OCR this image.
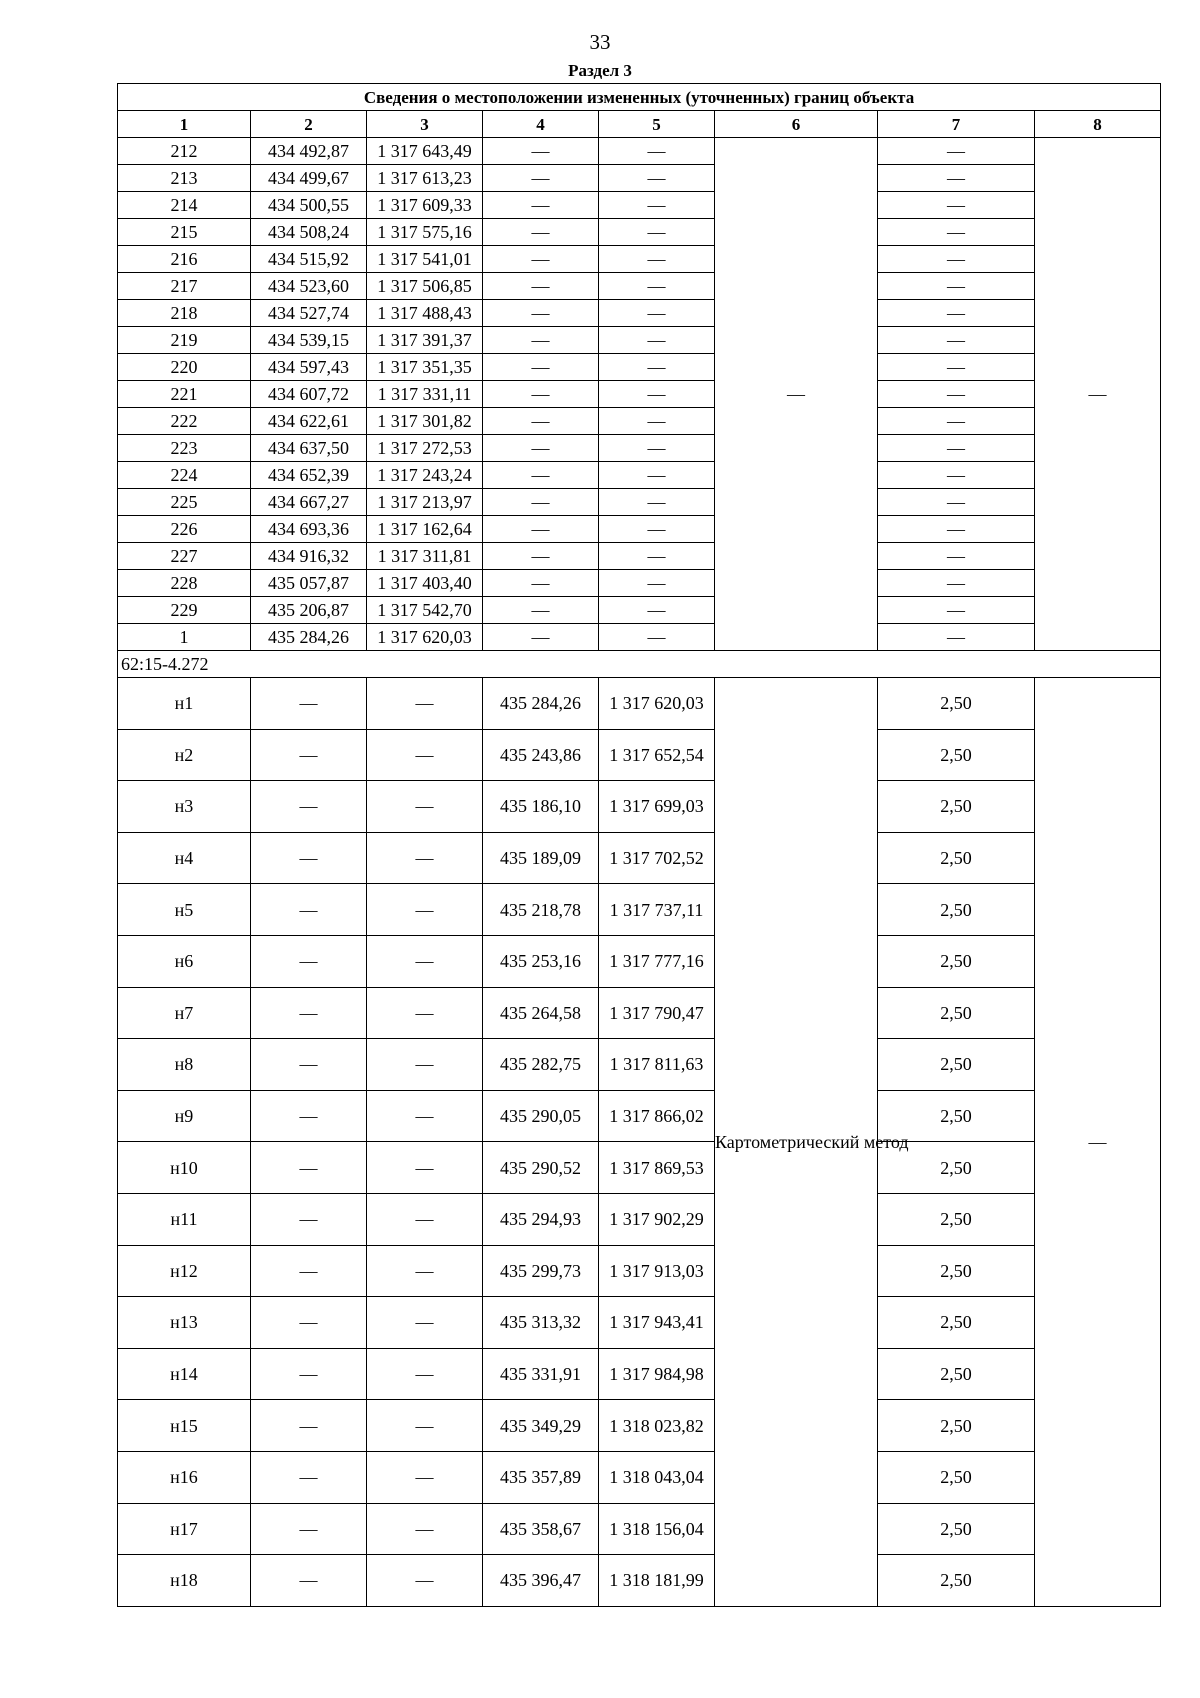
33
Раздел 3
Сведения о местоположении измененных (уточненных) границ объекта							
1	2	3	4	5	6	7	8
212	434 492,87	1 317 643,49	—	—	—	—	—
213	434 499,67	1 317 613,23	—	—		—	
214	434 500,55	1 317 609,33	—	—		—	
215	434 508,24	1 317 575,16	—	—		—	
216	434 515,92	1 317 541,01	—	—		—	
217	434 523,60	1 317 506,85	—	—		—	
218	434 527,74	1 317 488,43	—	—		—	
219	434 539,15	1 317 391,37	—	—		—	
220	434 597,43	1 317 351,35	—	—		—	
221	434 607,72	1 317 331,11	—	—		—	
222	434 622,61	1 317 301,82	—	—		—	
223	434 637,50	1 317 272,53	—	—		—	
224	434 652,39	1 317 243,24	—	—		—	
225	434 667,27	1 317 213,97	—	—		—	
226	434 693,36	1 317 162,64	—	—		—	
227	434 916,32	1 317 311,81	—	—		—	
228	435 057,87	1 317 403,40	—	—		—	
229	435 206,87	1 317 542,70	—	—		—	
1	435 284,26	1 317 620,03	—	—		—	
62:15-4.272							
н1	—	—	435 284,26	1 317 620,03	Картометрический метод	2,50	—
н2	—	—	435 243,86	1 317 652,54		2,50	
н3	—	—	435 186,10	1 317 699,03		2,50	
н4	—	—	435 189,09	1 317 702,52		2,50	
н5	—	—	435 218,78	1 317 737,11		2,50	
н6	—	—	435 253,16	1 317 777,16		2,50	
н7	—	—	435 264,58	1 317 790,47		2,50	
н8	—	—	435 282,75	1 317 811,63		2,50	
н9	—	—	435 290,05	1 317 866,02		2,50	
н10	—	—	435 290,52	1 317 869,53		2,50	
н11	—	—	435 294,93	1 317 902,29		2,50	
н12	—	—	435 299,73	1 317 913,03		2,50	
н13	—	—	435 313,32	1 317 943,41		2,50	
н14	—	—	435 331,91	1 317 984,98		2,50	
н15	—	—	435 349,29	1 318 023,82		2,50	
н16	—	—	435 357,89	1 318 043,04		2,50	
н17	—	—	435 358,67	1 318 156,04		2,50	
н18	—	—	435 396,47	1 318 181,99		2,50	
